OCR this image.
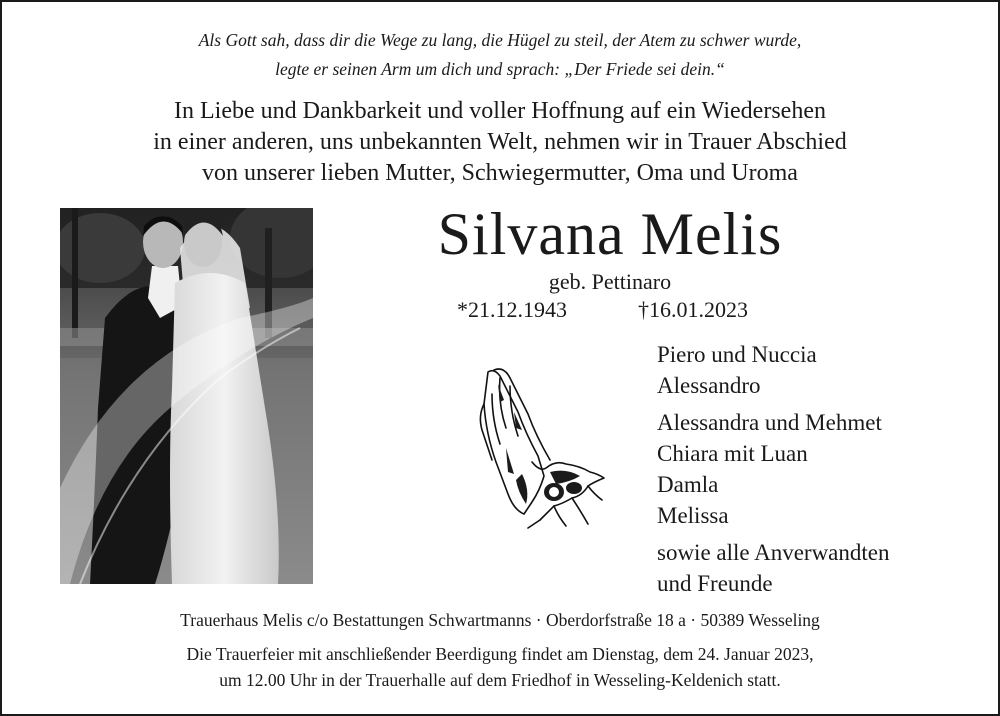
Als Gott sah, dass dir die Wege zu lang, die Hügel zu steil, der Atem zu schwer wurde,
legte er seinen Arm um dich und sprach: „Der Friede sei dein.“
In Liebe und Dankbarkeit und voller Hoffnung auf ein Wiedersehen
in einer anderen, uns unbekannten Welt, nehmen wir in Trauer Abschied
von unserer lieben Mutter, Schwiegermutter, Oma und Uroma
Silvana Melis
geb. Pettinaro
*21.12.1943	†16.01.2023
Piero und Nuccia
Alessandro
Alessandra und Mehmet
Chiara mit Luan
Damla
Melissa
sowie alle Anverwandten
und Freunde
Trauerhaus Melis c/o Bestattungen Schwartmanns · Oberdorfstraße 18 a · 50389 Wesseling
Die Trauerfeier mit anschließender Beerdigung findet am Dienstag, dem 24. Januar 2023,
um 12.00 Uhr in der Trauerhalle auf dem Friedhof in Wesseling-Keldenich statt.
